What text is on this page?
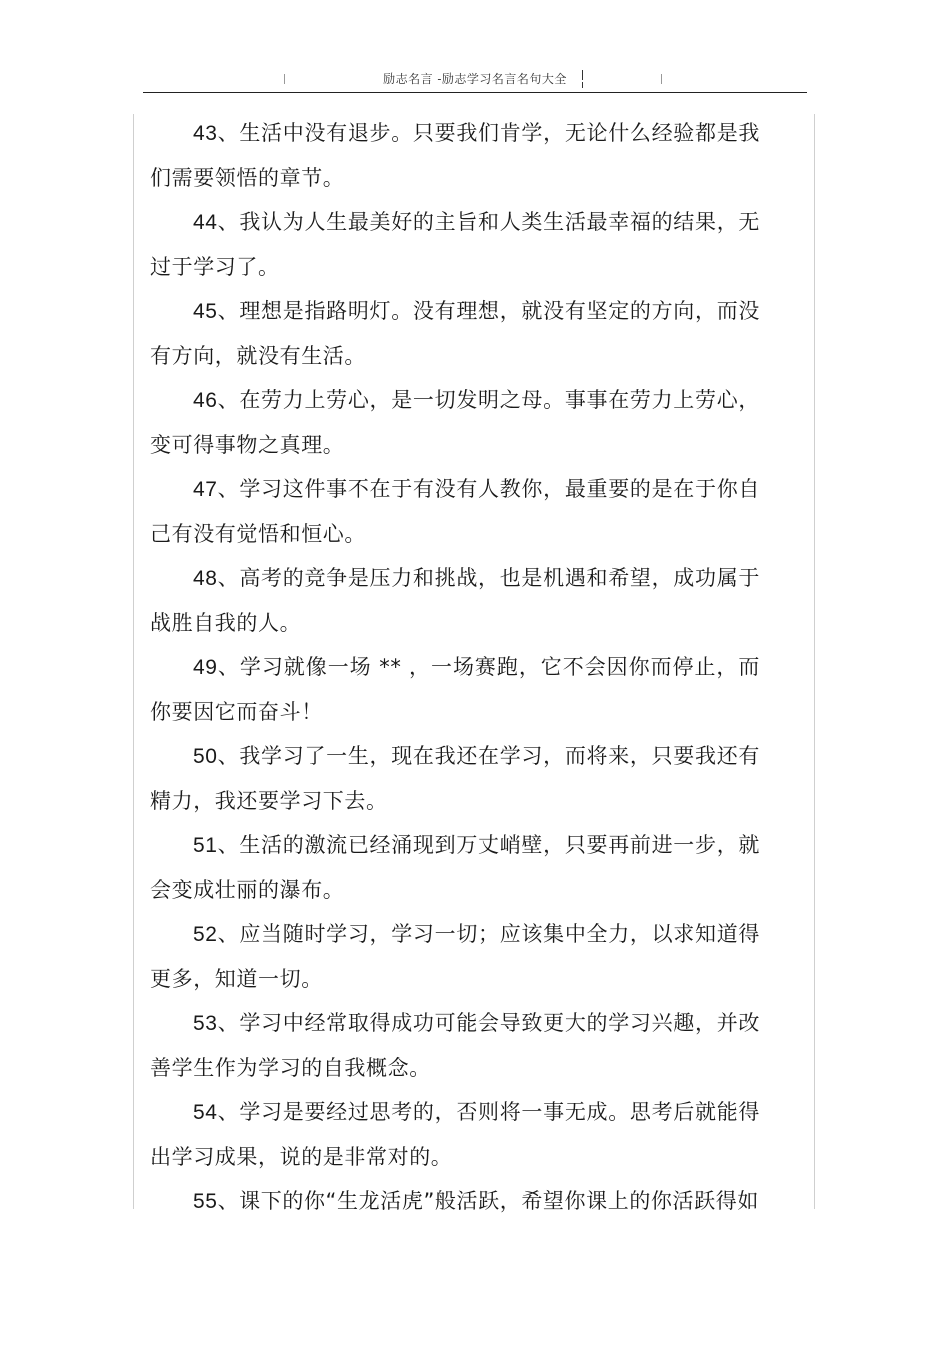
励志名言 -励志学习名言名句大全

43、生活中没有退步。只要我们肯学，无论什么经验都是我们需要领悟的章节。

44、我认为人生最美好的主旨和人类生活最幸福的结果，无过于学习了。

45、理想是指路明灯。没有理想，就没有坚定的方向，而没有方向，就没有生活。

46、在劳力上劳心，是一切发明之母。事事在劳力上劳心，变可得事物之真理。

47、学习这件事不在于有没有人教你，最重要的是在于你自己有没有觉悟和恒心。

48、高考的竞争是压力和挑战，也是机遇和希望，成功属于战胜自我的人。

49、学习就像一场 ** ，一场赛跑，它不会因你而停止，而你要因它而奋斗！

50、我学习了一生，现在我还在学习，而将来，只要我还有精力，我还要学习下去。

51、生活的激流已经涌现到万丈峭壁，只要再前进一步，就会变成壮丽的瀑布。

52、应当随时学习，学习一切；应该集中全力，以求知道得更多，知道一切。

53、学习中经常取得成功可能会导致更大的学习兴趣，并改善学生作为学习的自我概念。

54、学习是要经过思考的，否则将一事无成。思考后就能得出学习成果，说的是非常对的。

55、课下的你“生龙活虎”般活跃，希望你课上的你活跃得如
